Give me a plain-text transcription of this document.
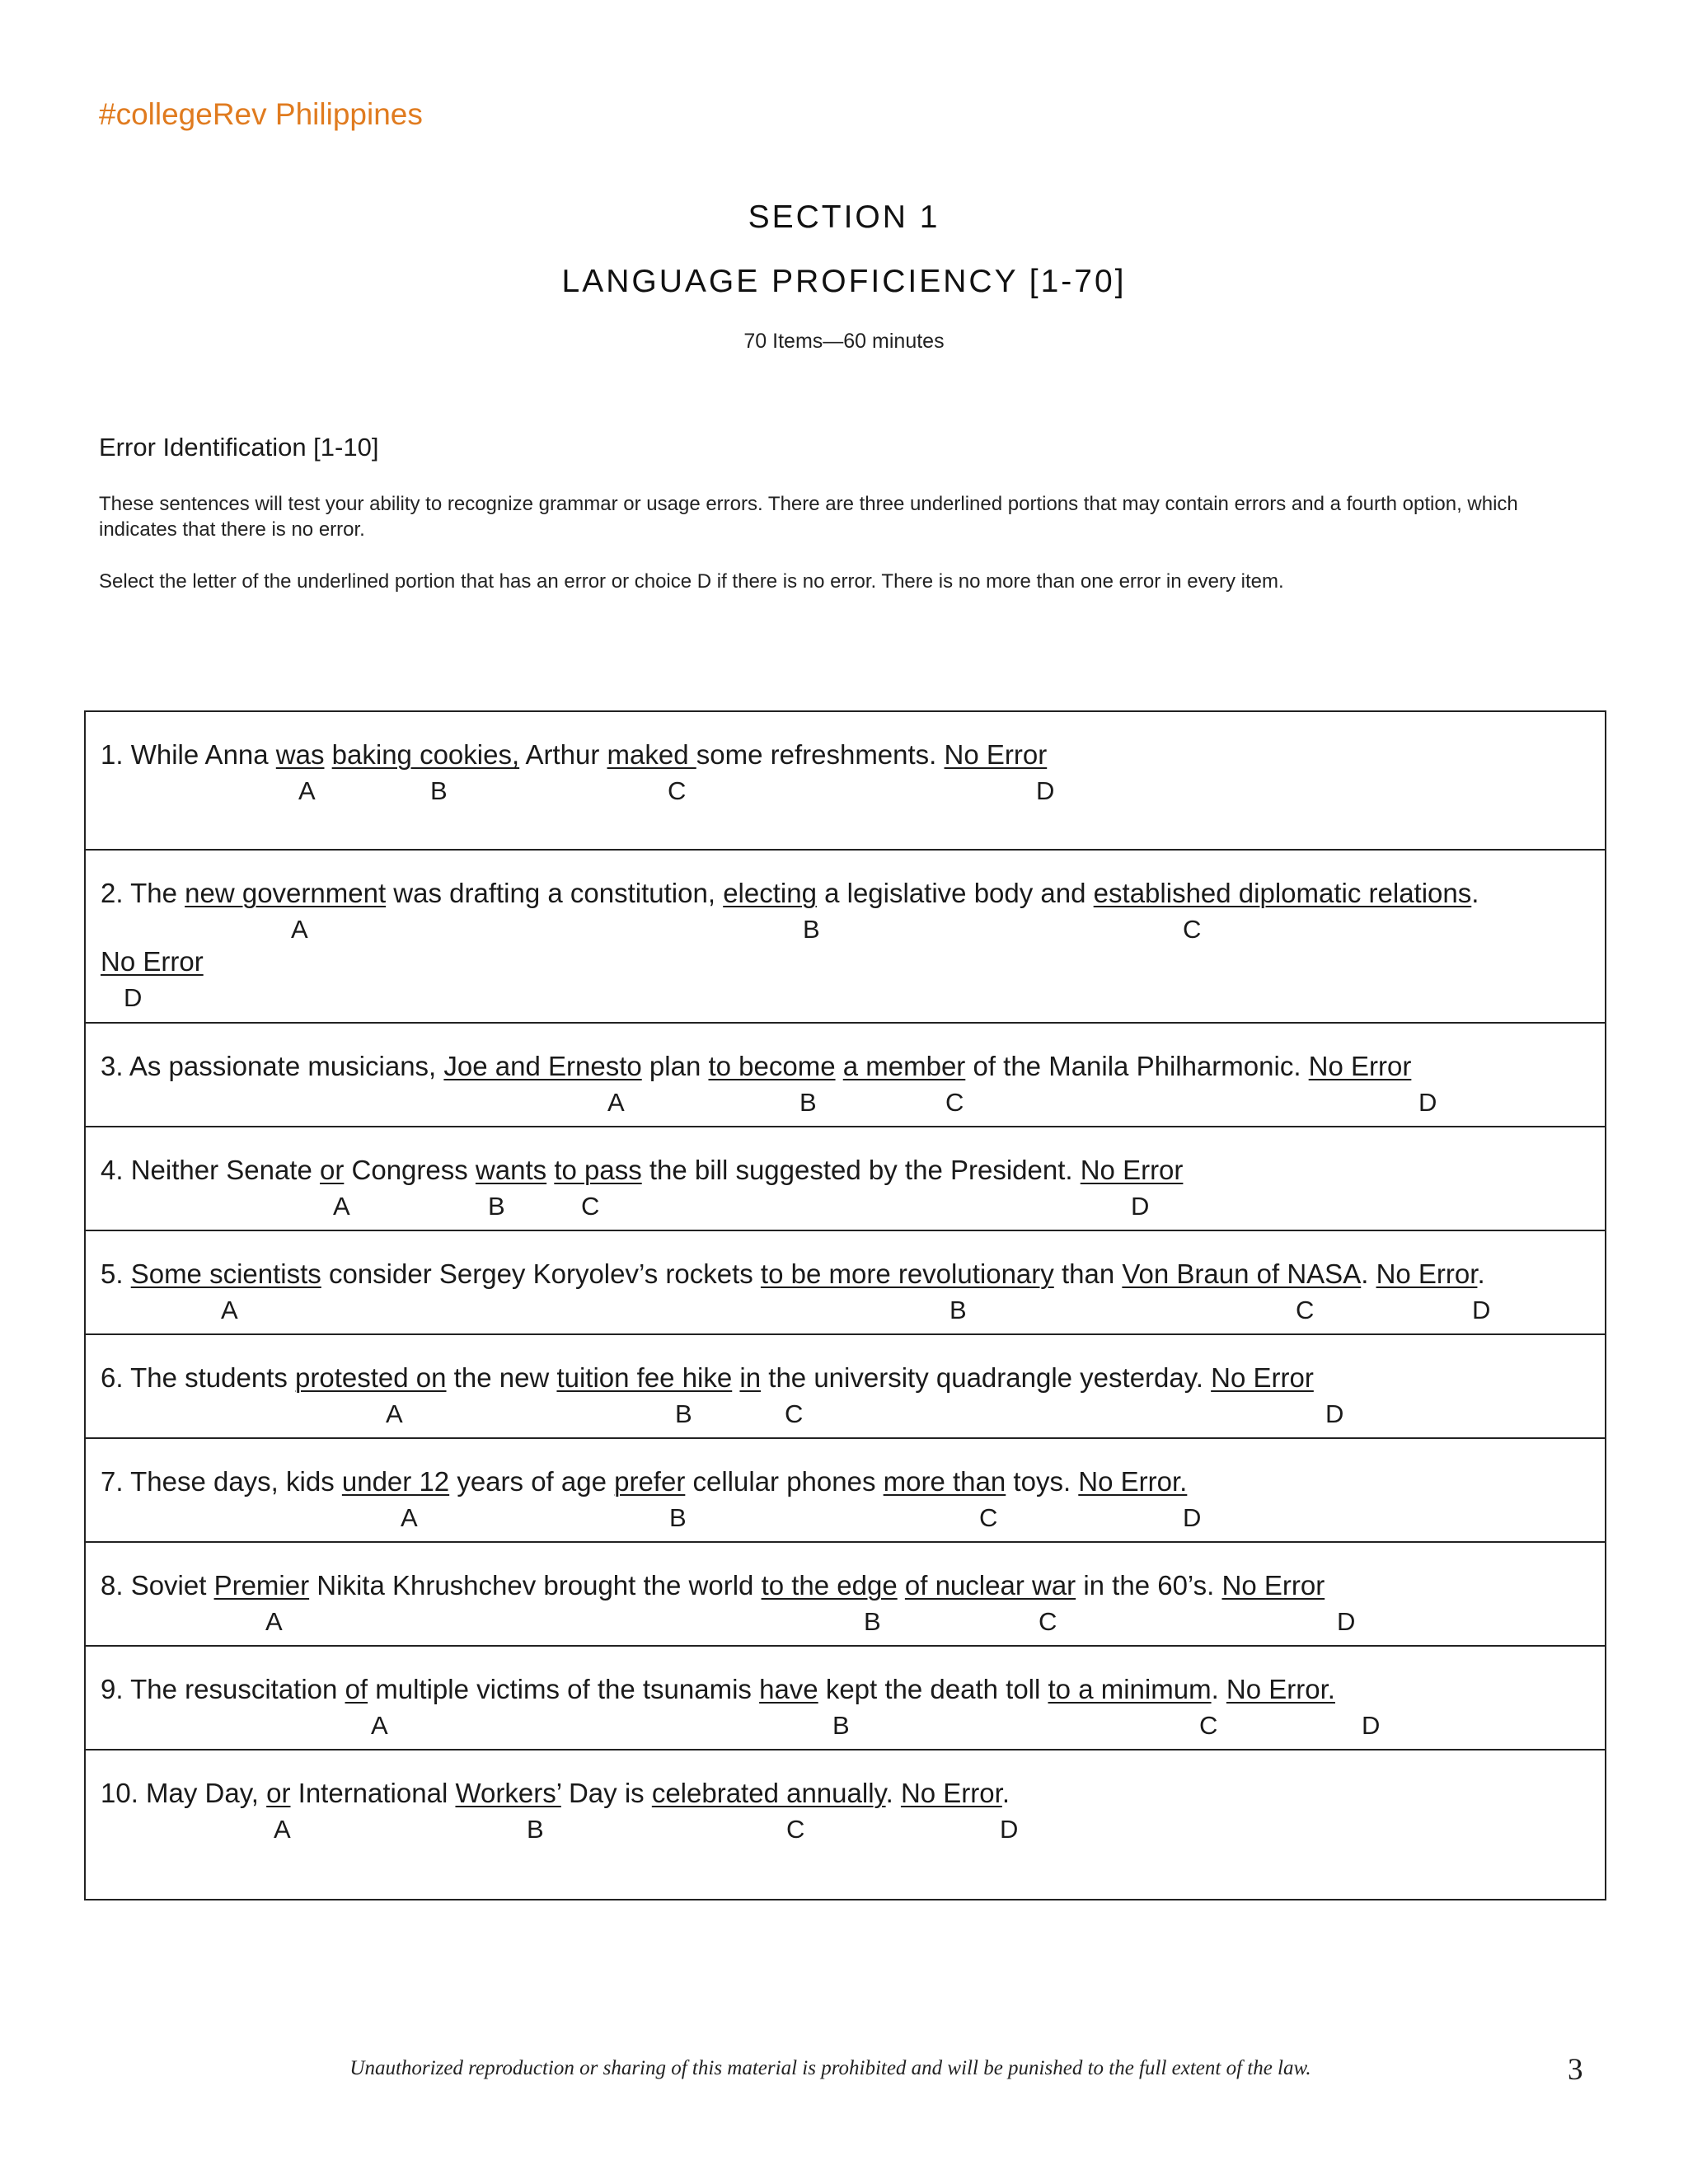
#collegeRev Philippines
SECTION 1
LANGUAGE PROFICIENCY [1-70]
70 Items—60 minutes
Error Identification [1-10]
These sentences will test your ability to recognize grammar or usage errors. There are three underlined portions that may contain errors and a fourth option, which indicates that there is no error.
Select the letter of the underlined portion that has an error or choice D if there is no error. There is no more than one error in every item.
1. While Anna was baking cookies, Arthur maked some refreshments. No Error
A	B	C	D
2. The new government was drafting a constitution, electing a legislative body and established diplomatic relations.
No Error
A	B	C
D
3. As passionate musicians, Joe and Ernesto plan to become a member of the Manila Philharmonic. No Error
A	B	C	D
4. Neither Senate or Congress wants to pass the bill suggested by the President. No Error
A	B	C	D
5. Some scientists consider Sergey Koryolev’s rockets to be more revolutionary than Von Braun of NASA. No Error.
A	B	C	D
6. The students protested on the new tuition fee hike in the university quadrangle yesterday. No Error
A	B	C	D
7. These days, kids under 12 years of age prefer cellular phones more than toys. No Error.
A	B	C	D
8. Soviet Premier Nikita Khrushchev brought the world to the edge of nuclear war in the 60’s. No Error
A	B	C	D
9. The resuscitation of multiple victims of the tsunamis have kept the death toll to a minimum. No Error.
A	B	C	D
10. May Day, or International Workers’ Day is celebrated annually. No Error.
A	B	C	D
Unauthorized reproduction or sharing of this material is prohibited and will be punished to the full extent of the law.	3
